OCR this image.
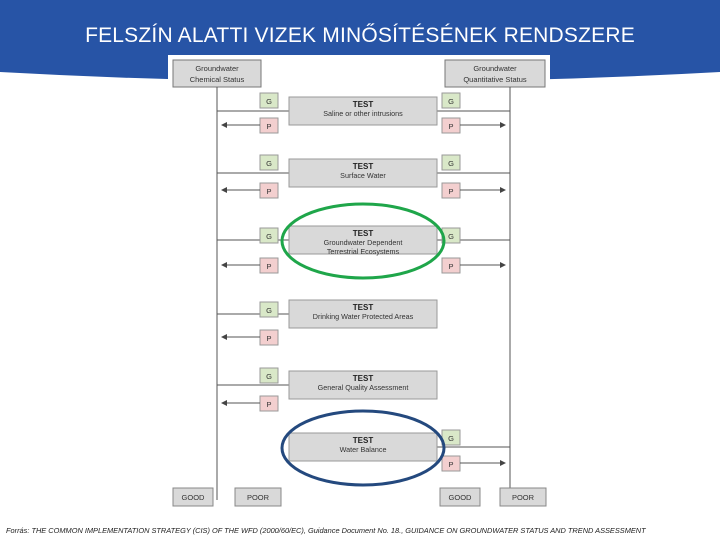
FELSZÍN ALATTI VIZEK MINŐSÍTÉSÉNEK RENDSZERE
Groundwater
Chemical Status
Groundwater
Quantitative Status
TEST
Saline or other intrusions
G
P
G
P
TEST
Surface Water
G
P
G
P
TEST
Groundwater Dependent
Terrestrial Ecosystems
G
P
G
P
TEST
Drinking Water Protected Areas
G
P
TEST
General Quality Assessment
G
P
TEST
Water Balance
G
P
GOOD	POOR	GOOD	POOR
Forrás: THE COMMON IMPLEMENTATION STRATEGY (CIS) OF THE WFD (2000/60/EC), Guidance Document No. 18., GUIDANCE ON GROUNDWATER STATUS AND TREND ASSESSMENT
